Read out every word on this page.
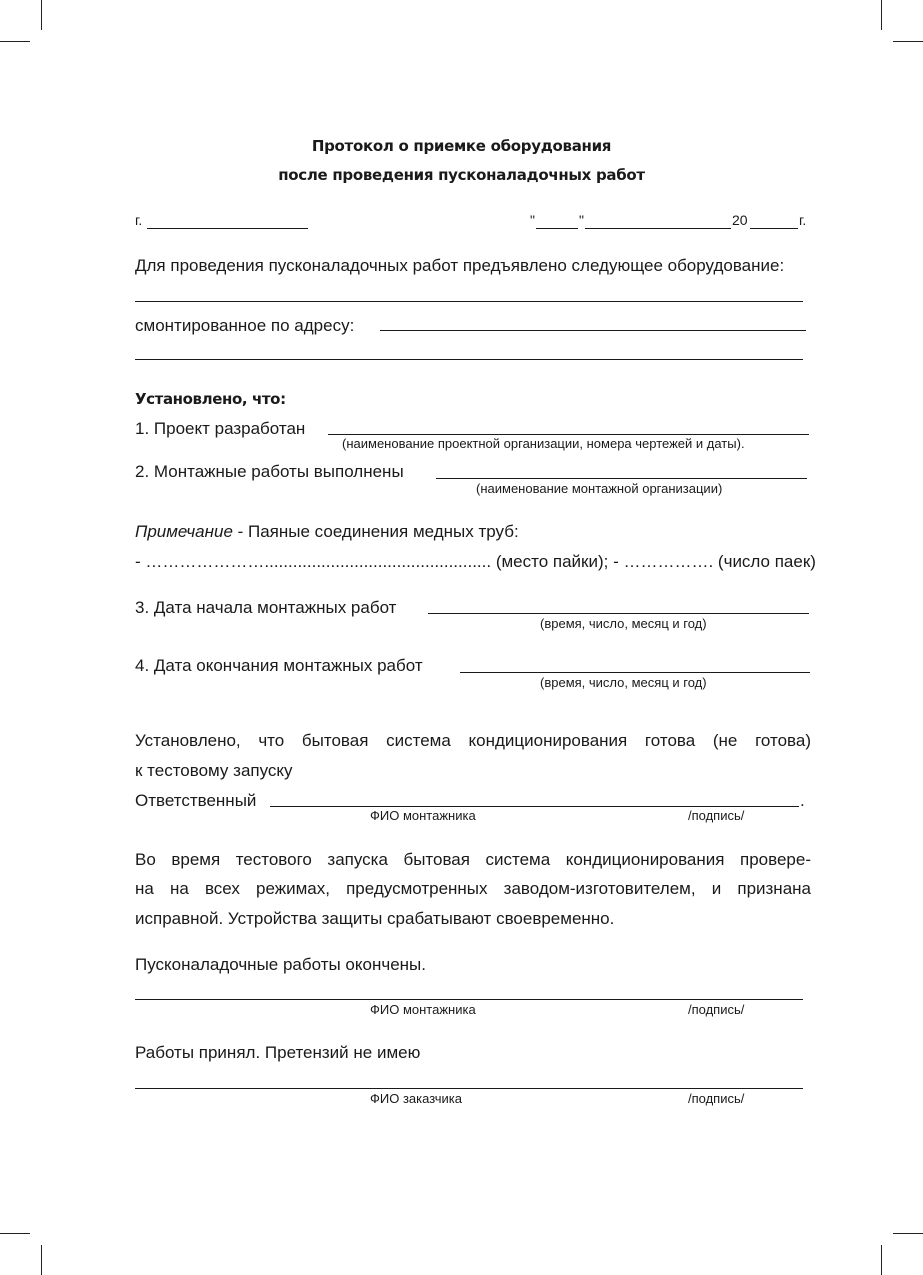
Протокол о приемке оборудования
после проведения пусконаладочных работ
г.	"	"	20	г.
Для проведения пусконаладочных работ предъявлено следующее оборудование:
смонтированное по адресу:
Установлено, что:
1. Проект разработан
(наименование проектной организации, номера чертежей и даты).
2. Монтажные работы выполнены
(наименование монтажной организации)
Примечание - Паяные соединения медных труб:
- …………………................................................ (место пайки); - ……………. (число паек)
3. Дата начала монтажных работ
(время, число, месяц и год)
4. Дата окончания монтажных работ
(время, число, месяц и год)
Установлено, что бытовая система кондиционирования готова (не готова)
к тестовому запуску
Ответственный	.
ФИО монтажника	/подпись/
Во время тестового запуска бытовая система кондиционирования провере-
на на всех режимах, предусмотренных заводом-изготовителем, и признана
исправной. Устройства защиты срабатывают своевременно.
Пусконаладочные работы окончены.
ФИО монтажника	/подпись/
Работы принял. Претензий не имею
ФИО заказчика	/подпись/
